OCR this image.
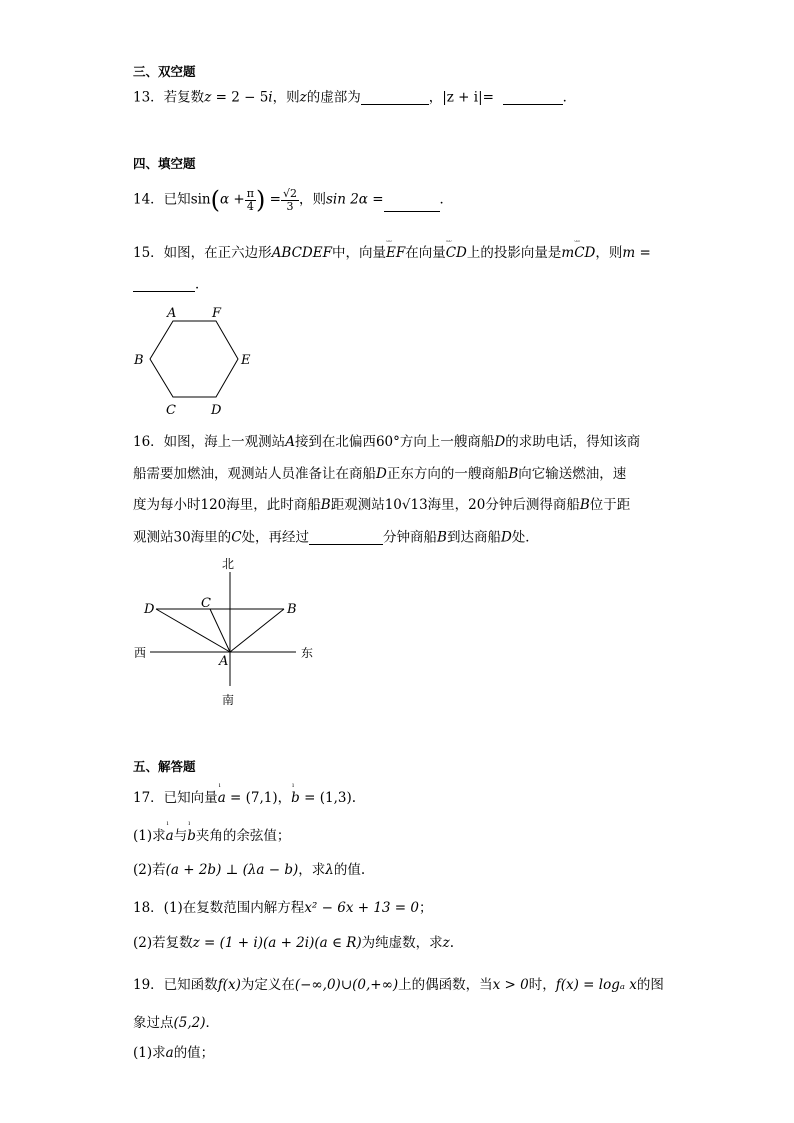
三、双空题
13．若复数z = 2 − 5i，则z的虚部为	，|z + i|=	．
四、填空题
14．已知$\sin(\alpha + \frac{\pi}{4}$ ) = $\frac{√2}{3}$ ，则sin 2α =	．
15．如图，在正六边形ABCDEF中，向量ᵕᵕᵕ EF在向量ᵕᵕᵕ CD上的投影向量是mᵕᵕᵕ CD，则m =
．
A	F
B	E
C	D
16．如图，海上一观测站A接到在北偏西60°方向上一艘商船D的求助电话，得知该商
船需要加燃油，观测站人员准备让在商船D正东方向的一艘商船B向它输送燃油，速
度为每小时120海里，此时商船B距观测站10√13海里，20分钟后测得商船B位于距
观测站30海里的C处，再经过	分钟商船B到达商船D处．
北
南
西	东
D	C	B
A
五、解答题
17．已知向量ˡ a = (7,1)，ˡ b = (1,3).
(1)求ˡ a与ˡ b夹角的余弦值；
(2)若(a + 2b) ⊥ (λa − b)，求λ的值.
18．(1)在复数范围内解方程x² − 6x + 13 = 0；
(2)若复数z = (1 + i)(a + 2i)(a ∈ R)为纯虚数，求z.
19．已知函数f(x)为定义在(−∞,0)∪(0,+∞)上的偶函数，当x > 0时，f(x) = logₐ x的图
象过点(5,2)．
(1)求a的值；
